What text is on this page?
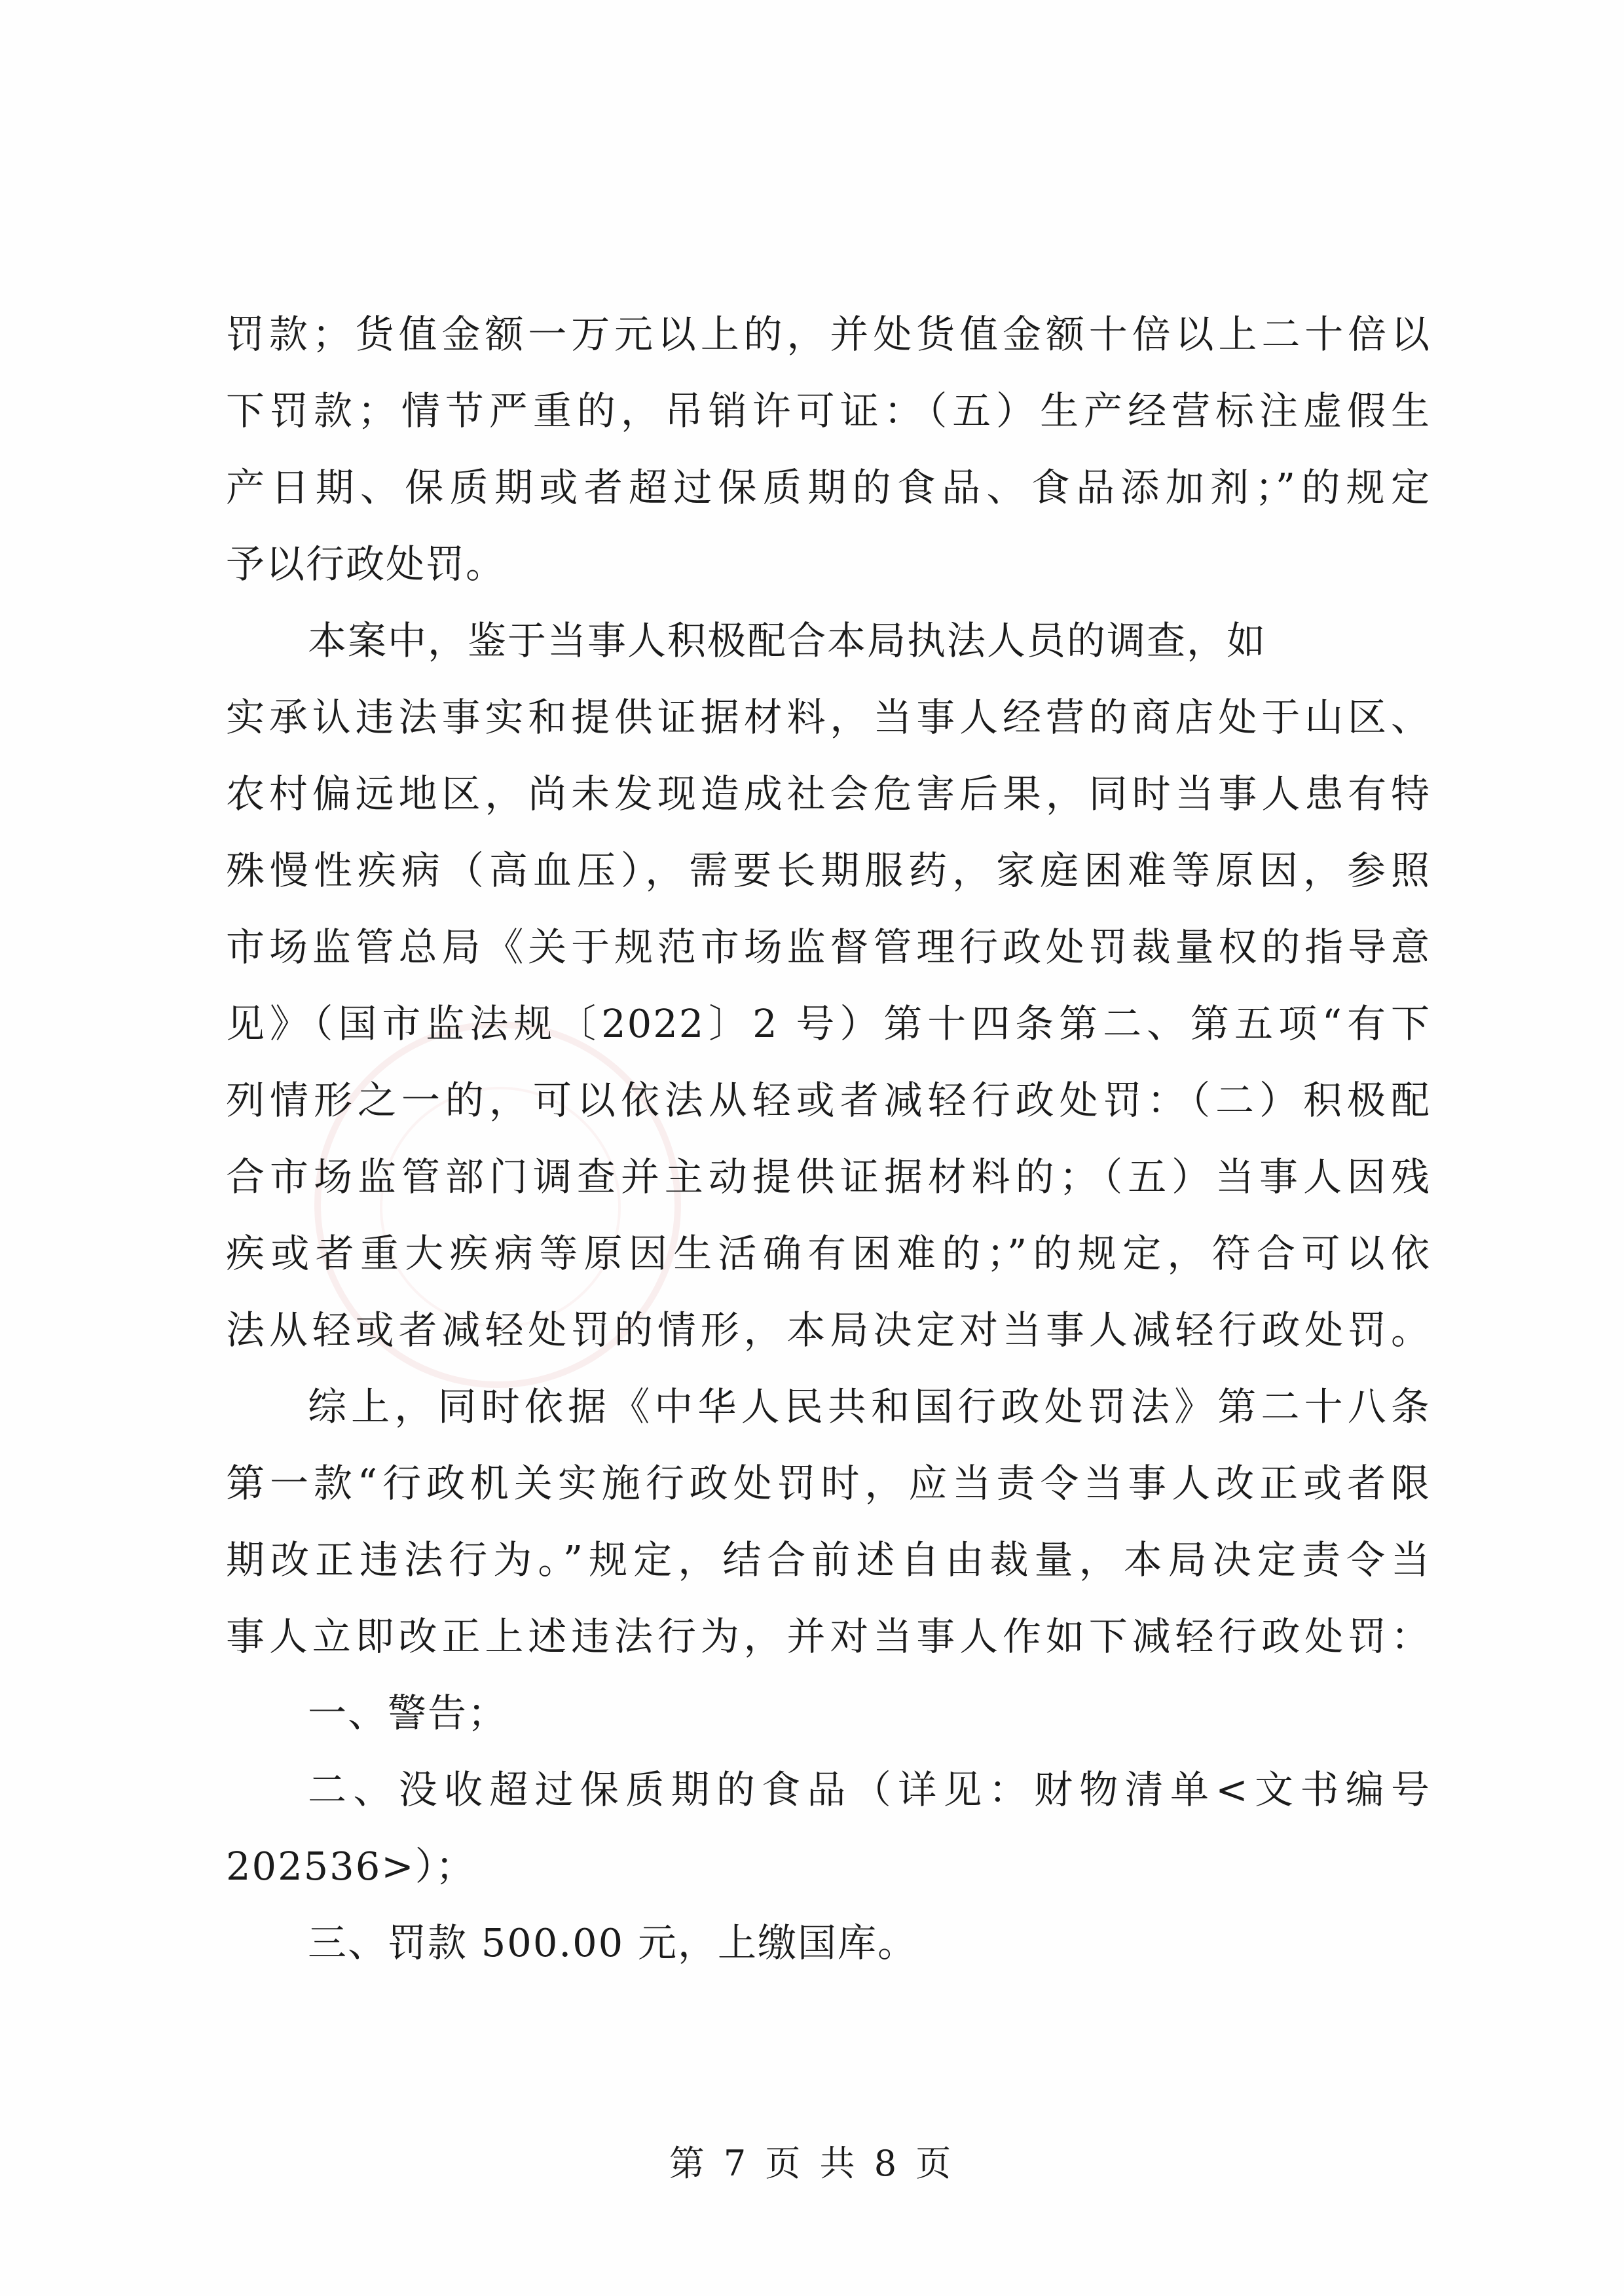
罚款；货值金额一万元以上的，并处货值金额十倍以上二十倍以
下罚款；情节严重的，吊销许可证：（五）生产经营标注虚假生
产日期、保质期或者超过保质期的食品、食品添加剂；”的规定
予以行政处罚。
本案中，鉴于当事人积极配合本局执法人员的调查，如
实承认违法事实和提供证据材料，当事人经营的商店处于山区、
农村偏远地区，尚未发现造成社会危害后果，同时当事人患有特
殊慢性疾病（高血压），需要长期服药，家庭困难等原因，参照
市场监管总局《关于规范市场监督管理行政处罚裁量权的指导意
见》（国市监法规〔2022〕2 号）第十四条第二、第五项“有下
列情形之一的，可以依法从轻或者减轻行政处罚：（二）积极配
合市场监管部门调查并主动提供证据材料的；（五）当事人因残
疾或者重大疾病等原因生活确有困难的；”的规定，符合可以依
法从轻或者减轻处罚的情形，本局决定对当事人减轻行政处罚。
综上，同时依据《中华人民共和国行政处罚法》第二十八条
第一款“行政机关实施行政处罚时，应当责令当事人改正或者限
期改正违法行为。”规定，结合前述自由裁量，本局决定责令当
事人立即改正上述违法行为，并对当事人作如下减轻行政处罚：
一、警告；
二、没收超过保质期的食品（详见：财物清单<文书编号
202536>）；
三、罚款 500.00 元，上缴国库。
第 7 页 共 8 页
